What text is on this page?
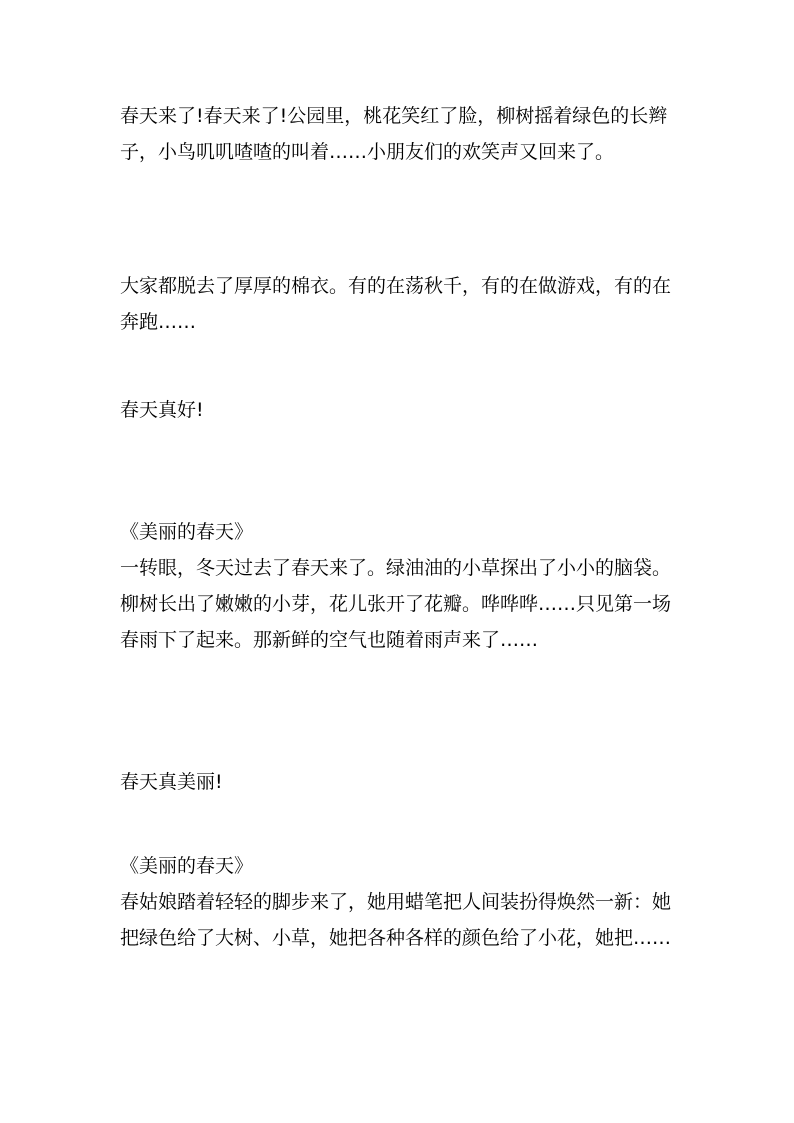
春天来了!春天来了!公园里，桃花笑红了脸，柳树摇着绿色的长辫子，小鸟叽叽喳喳的叫着……小朋友们的欢笑声又回来了。

大家都脱去了厚厚的棉衣。有的在荡秋千，有的在做游戏，有的在奔跑……

春天真好!

《美丽的春天》

一转眼，冬天过去了春天来了。绿油油的小草探出了小小的脑袋。柳树长出了嫩嫩的小芽，花儿张开了花瓣。哗哗哗……只见第一场春雨下了起来。那新鲜的空气也随着雨声来了……

春天真美丽!

《美丽的春天》

春姑娘踏着轻轻的脚步来了，她用蜡笔把人间装扮得焕然一新：她把绿色给了大树、小草，她把各种各样的颜色给了小花，她把……
